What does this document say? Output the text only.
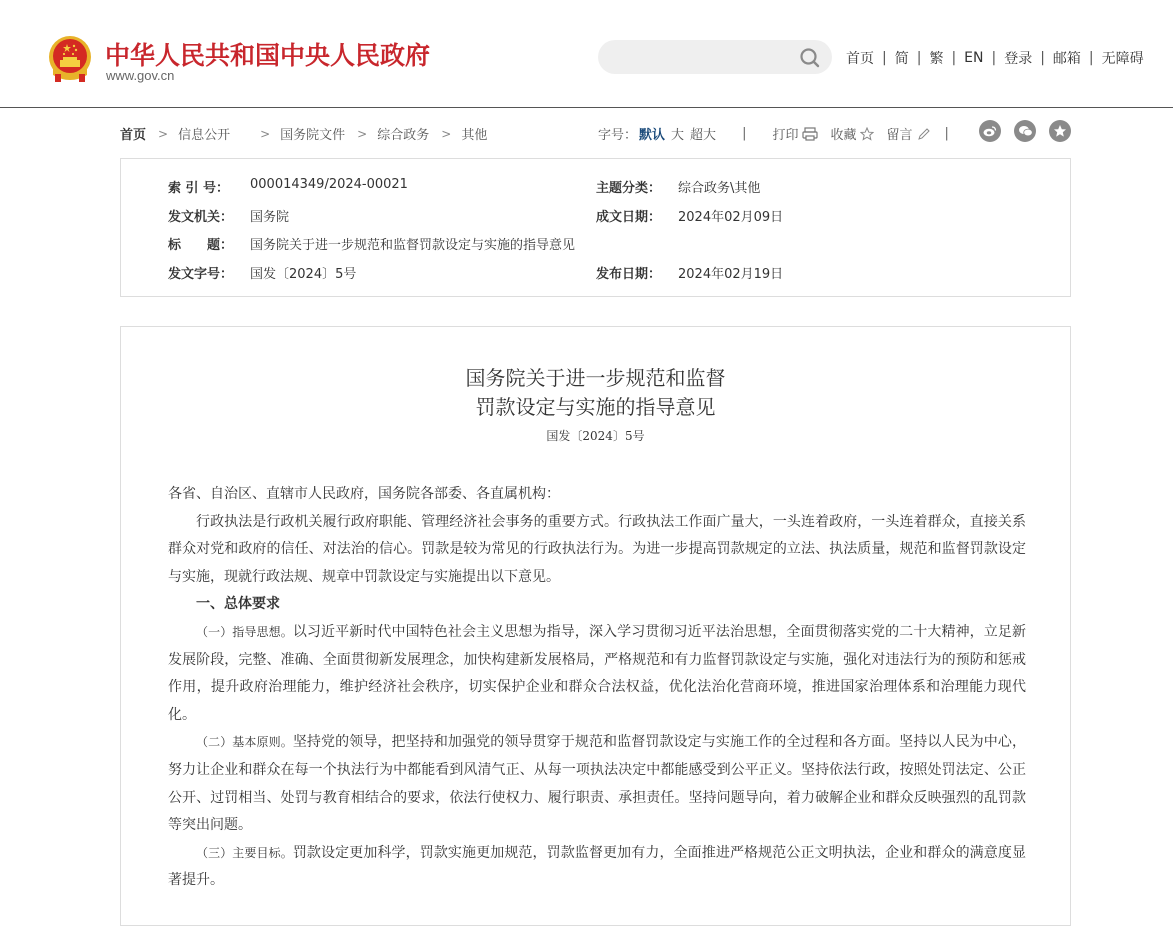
中华人民共和国中央人民政府
www.gov.cn
首页 | 简 | 繁 | EN | 登录 | 邮箱 | 无障碍
首页 > 信息公开	> 国务院文件 > 综合政务 > 其他	字号： 默认 大 超大 | 打印 收藏 留言 |
索 引 号：	000014349/2024-00021	主题分类：	综合政务\其他
发文机关：	国务院	成文日期：	2024年02月09日
标　　题：	国务院关于进一步规范和监督罚款设定与实施的指导意见
发文字号：	国发〔2024〕5号	发布日期：	2024年02月19日
国务院关于进一步规范和监督
罚款设定与实施的指导意见
国发〔2024〕5号

各省、自治区、直辖市人民政府，国务院各部委、各直属机构：

行政执法是行政机关履行政府职能、管理经济社会事务的重要方式。行政执法工作面广量大，一头连着政府，一头连着群众，直接关系群众对党和政府的信任、对法治的信心。罚款是较为常见的行政执法行为。为进一步提高罚款规定的立法、执法质量，规范和监督罚款设定与实施，现就行政法规、规章中罚款设定与实施提出以下意见。

一、总体要求

（一）指导思想。以习近平新时代中国特色社会主义思想为指导，深入学习贯彻习近平法治思想，全面贯彻落实党的二十大精神，立足新发展阶段，完整、准确、全面贯彻新发展理念，加快构建新发展格局，严格规范和有力监督罚款设定与实施，强化对违法行为的预防和惩戒作用，提升政府治理能力，维护经济社会秩序，切实保护企业和群众合法权益，优化法治化营商环境，推进国家治理体系和治理能力现代化。

（二）基本原则。坚持党的领导，把坚持和加强党的领导贯穿于规范和监督罚款设定与实施工作的全过程和各方面。坚持以人民为中心，努力让企业和群众在每一个执法行为中都能看到风清气正、从每一项执法决定中都能感受到公平正义。坚持依法行政，按照处罚法定、公正公开、过罚相当、处罚与教育相结合的要求，依法行使权力、履行职责、承担责任。坚持问题导向，着力破解企业和群众反映强烈的乱罚款等突出问题。

（三）主要目标。罚款设定更加科学，罚款实施更加规范，罚款监督更加有力，全面推进严格规范公正文明执法，企业和群众的满意度显著提升。
